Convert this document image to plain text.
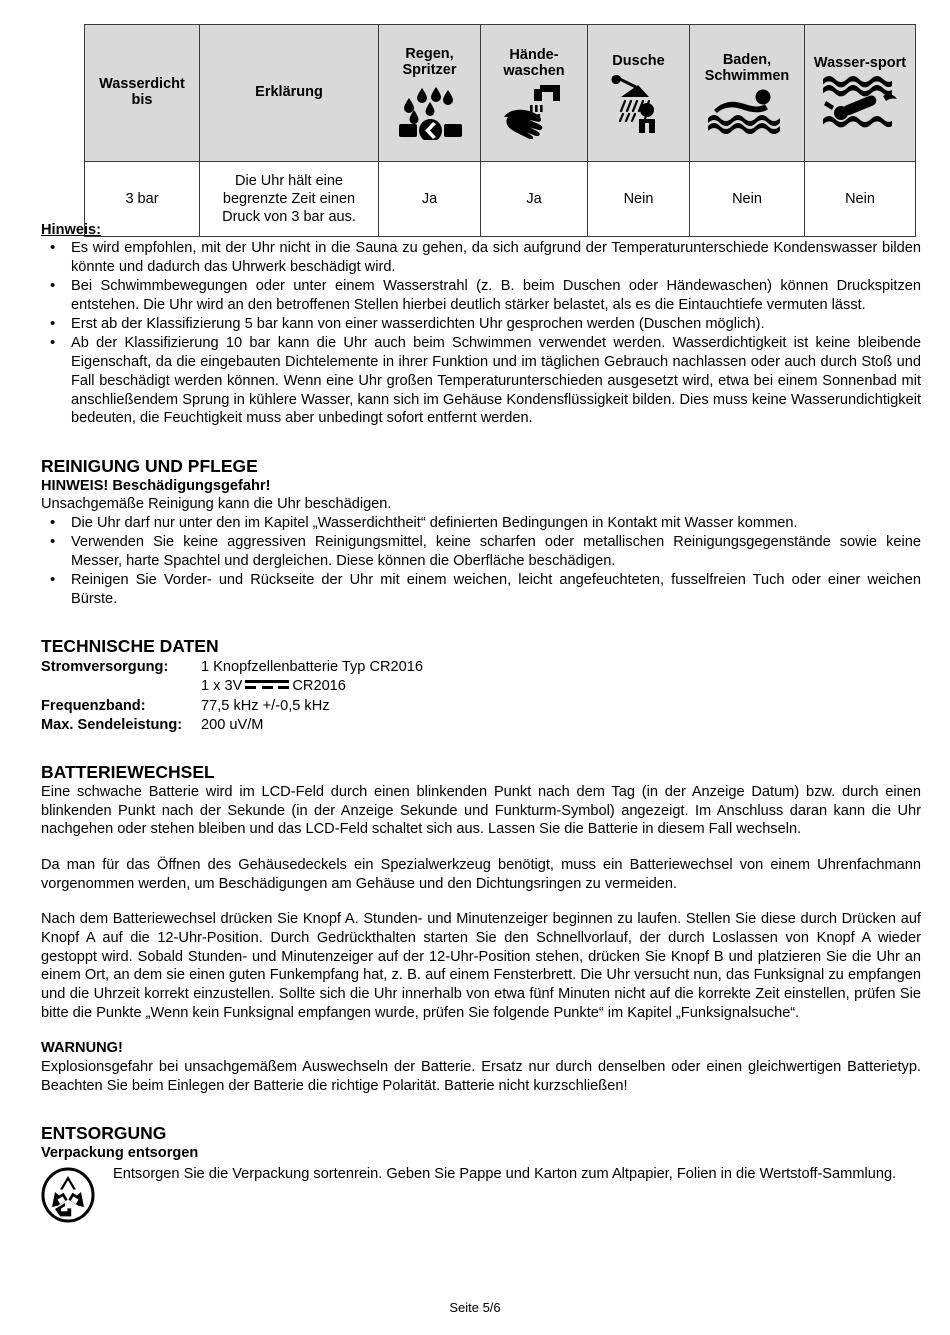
Wasserdicht bis	Erklärung	Regen, Spritzer	Hände-waschen	Dusche	Baden, Schwimmen	Wasser-sport

3 bar	Die Uhr hält eine begrenzte Zeit einen Druck von 3 bar aus.	Ja	Ja	Nein	Nein	Nein
Hinweis:
• Es wird empfohlen, mit der Uhr nicht in die Sauna zu gehen, da sich aufgrund der Temperaturunterschiede Kondenswasser bilden könnte und dadurch das Uhrwerk beschädigt wird.
• Bei Schwimmbewegungen oder unter einem Wasserstrahl (z. B. beim Duschen oder Händewaschen) können Druckspitzen entstehen. Die Uhr wird an den betroffenen Stellen hierbei deutlich stärker belastet, als es die Eintauchtiefe vermuten lässt.
• Erst ab der Klassifizierung 5 bar kann von einer wasserdichten Uhr gesprochen werden (Duschen möglich).
• Ab der Klassifizierung 10 bar kann die Uhr auch beim Schwimmen verwendet werden. Wasserdichtigkeit ist keine bleibende Eigenschaft, da die eingebauten Dichtelemente in ihrer Funktion und im täglichen Gebrauch nachlassen oder auch durch Stoß und Fall beschädigt werden können. Wenn eine Uhr großen Temperaturunterschieden ausgesetzt wird, etwa bei einem Sonnenbad mit anschließendem Sprung in kühlere Wasser, kann sich im Gehäuse Kondensflüssigkeit bilden. Dies muss keine Wasserundichtigkeit bedeuten, die Feuchtigkeit muss aber unbedingt sofort entfernt werden.
REINIGUNG UND PFLEGE
HINWEIS! Beschädigungsgefahr!
Unsachgemäße Reinigung kann die Uhr beschädigen.
• Die Uhr darf nur unter den im Kapitel „Wasserdichtheit“ definierten Bedingungen in Kontakt mit Wasser kommen.
• Verwenden Sie keine aggressiven Reinigungsmittel, keine scharfen oder metallischen Reinigungsgegenstände sowie keine Messer, harte Spachtel und dergleichen. Diese können die Oberfläche beschädigen.
• Reinigen Sie Vorder- und Rückseite der Uhr mit einem weichen, leicht angefeuchteten, fusselfreien Tuch oder einer weichen Bürste.
TECHNISCHE DATEN
Stromversorgung:	1 Knopfzellenbatterie Typ CR2016
1 x 3V	CR2016
Frequenzband:	77,5 kHz +/-0,5 kHz
Max. Sendeleistung:	200 uV/M
BATTERIEWECHSEL
Eine schwache Batterie wird im LCD-Feld durch einen blinkenden Punkt nach dem Tag (in der Anzeige Datum) bzw. durch einen blinkenden Punkt nach der Sekunde (in der Anzeige Sekunde und Funkturm-Symbol) angezeigt. Im Anschluss daran kann die Uhr nachgehen oder stehen bleiben und das LCD-Feld schaltet sich aus. Lassen Sie die Batterie in diesem Fall wechseln.
Da man für das Öffnen des Gehäusedeckels ein Spezialwerkzeug benötigt, muss ein Batteriewechsel von einem Uhrenfachmann vorgenommen werden, um Beschädigungen am Gehäuse und den Dichtungsringen zu vermeiden.
Nach dem Batteriewechsel drücken Sie Knopf A. Stunden- und Minutenzeiger beginnen zu laufen. Stellen Sie diese durch Drücken auf Knopf A auf die 12-Uhr-Position. Durch Gedrückthalten starten Sie den Schnellvorlauf, der durch Loslassen von Knopf A wieder gestoppt wird. Sobald Stunden- und Minutenzeiger auf der 12-Uhr-Position stehen, drücken Sie Knopf B und platzieren Sie die Uhr an einem Ort, an dem sie einen guten Funkempfang hat, z. B. auf einem Fensterbrett. Die Uhr versucht nun, das Funksignal zu empfangen und die Uhrzeit korrekt einzustellen. Sollte sich die Uhr innerhalb von etwa fünf Minuten nicht auf die korrekte Zeit einstellen, prüfen Sie bitte die Punkte „Wenn kein Funksignal empfangen wurde, prüfen Sie folgende Punkte“ im Kapitel „Funksignalsuche“.
WARNUNG!
Explosionsgefahr bei unsachgemäßem Auswechseln der Batterie. Ersatz nur durch denselben oder einen gleichwertigen Batterietyp. Beachten Sie beim Einlegen der Batterie die richtige Polarität. Batterie nicht kurzschließen!
ENTSORGUNG
Verpackung entsorgen
Entsorgen Sie die Verpackung sortenrein. Geben Sie Pappe und Karton zum Altpapier, Folien in die Wertstoff-Sammlung.
Seite 5/6
